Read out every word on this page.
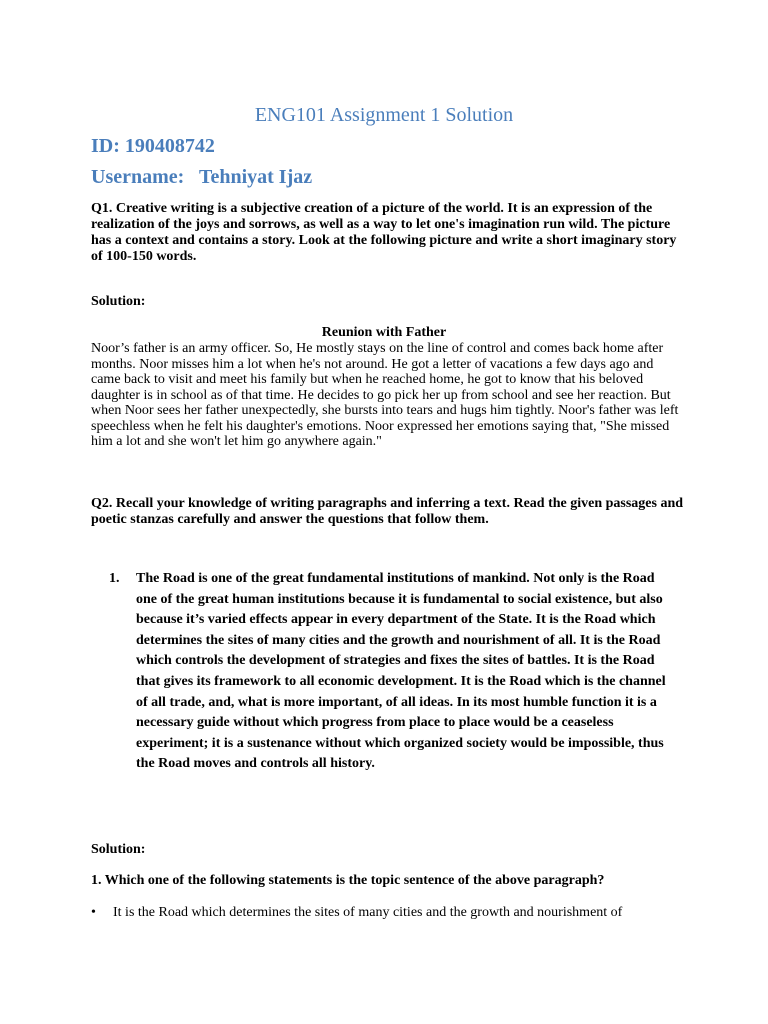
ENG101 Assignment 1 Solution
ID: 190408742
Username:   Tehniyat Ijaz

Q1. Creative writing is a subjective creation of a picture of the world. It is an expression of the realization of the joys and sorrows, as well as a way to let one's imagination run wild. The picture has a context and contains a story. Look at the following picture and write a short imaginary story of 100-150 words.

Solution:
Reunion with Father

Noor’s father is an army officer. So, He mostly stays on the line of control and comes back home after months. Noor misses him a lot when he's not around. He got a letter of vacations a few days ago and came back to visit and meet his family but when he reached home, he got to know that his beloved daughter is in school as of that time. He decides to go pick her up from school and see her reaction. But when Noor sees her father unexpectedly, she bursts into tears and hugs him tightly. Noor's father was left speechless when he felt his daughter's emotions. Noor expressed her emotions saying that, "She missed him a lot and she won't let him go anywhere again."

Q2. Recall your knowledge of writing paragraphs and inferring a text. Read the given passages and poetic stanzas carefully and answer the questions that follow them.

1. The Road is one of the great fundamental institutions of mankind. Not only is the Road one of the great human institutions because it is fundamental to social existence, but also because it’s varied effects appear in every department of the State. It is the Road which determines the sites of many cities and the growth and nourishment of all. It is the Road which controls the development of strategies and fixes the sites of battles. It is the Road that gives its framework to all economic development. It is the Road which is the channel of all trade, and, what is more important, of all ideas. In its most humble function it is a necessary guide without which progress from place to place would be a ceaseless experiment; it is a sustenance without which organized society would be impossible, thus the Road moves and controls all history.

Solution:
1. Which one of the following statements is the topic sentence of the above paragraph?
• It is the Road which determines the sites of many cities and the growth and nourishment of
